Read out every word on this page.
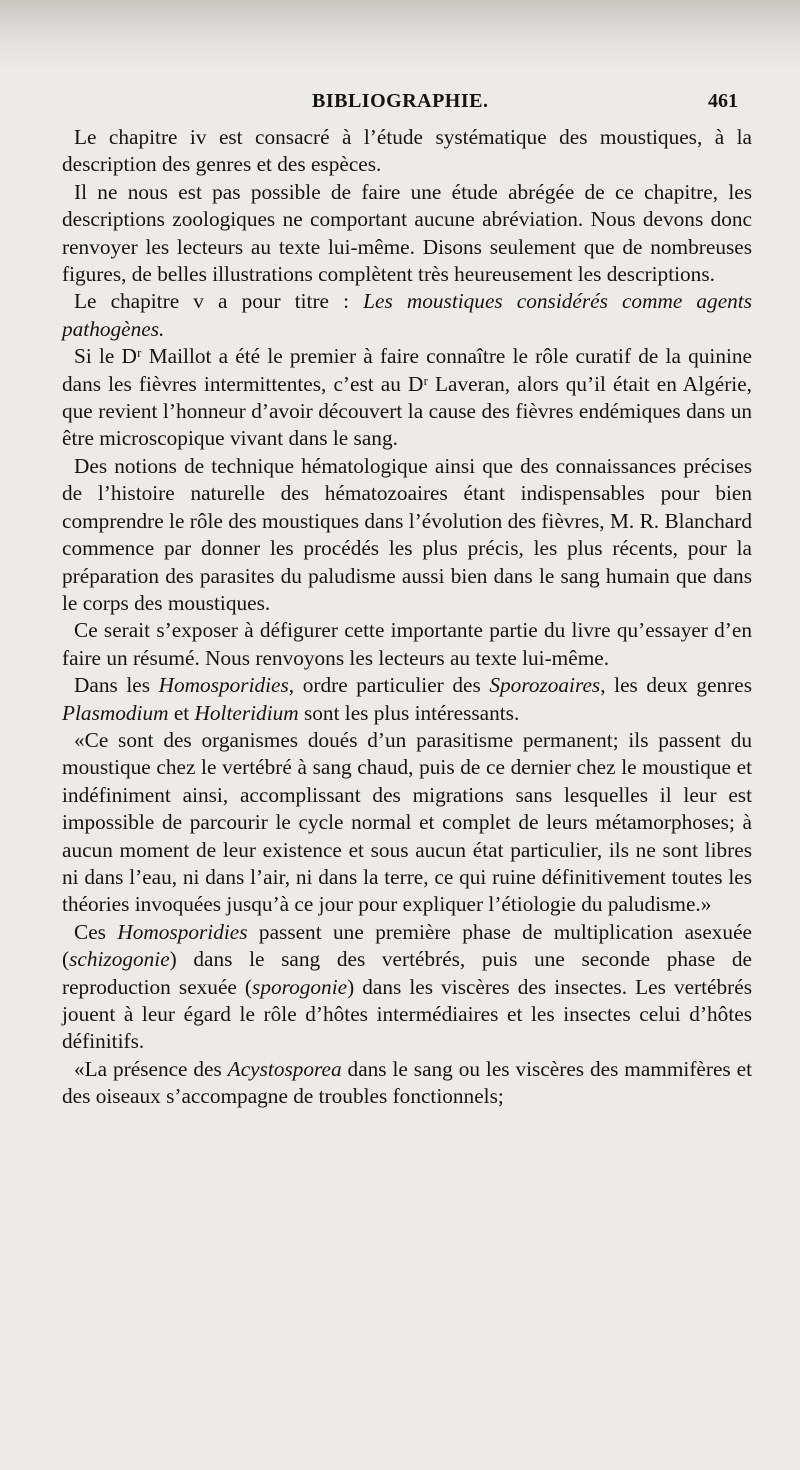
BIBLIOGRAPHIE.	461

Le chapitre iv est consacré à l’étude systématique des moustiques, à la description des genres et des espèces.

Il ne nous est pas possible de faire une étude abrégée de ce chapitre, les descriptions zoologiques ne comportant aucune abréviation. Nous devons donc renvoyer les lecteurs au texte lui-même. Disons seulement que de nombreuses figures, de belles illustrations complètent très heureusement les descriptions.

Le chapitre v a pour titre : Les moustiques considérés comme agents pathogènes.

Si le Dʳ Maillot a été le premier à faire connaître le rôle curatif de la quinine dans les fièvres intermittentes, c’est au Dʳ Laveran, alors qu’il était en Algérie, que revient l’honneur d’avoir découvert la cause des fièvres endémiques dans un être microscopique vivant dans le sang.

Des notions de technique hématologique ainsi que des connaissances précises de l’histoire naturelle des hématozoaires étant indispensables pour bien comprendre le rôle des moustiques dans l’évolution des fièvres, M. R. Blanchard commence par donner les procédés les plus précis, les plus récents, pour la préparation des parasites du paludisme aussi bien dans le sang humain que dans le corps des moustiques.

Ce serait s’exposer à défigurer cette importante partie du livre qu’essayer d’en faire un résumé. Nous renvoyons les lecteurs au texte lui-même.

Dans les Homosporidies, ordre particulier des Sporozoaires, les deux genres Plasmodium et Holteridium sont les plus intéressants.

«Ce sont des organismes doués d’un parasitisme permanent; ils passent du moustique chez le vertébré à sang chaud, puis de ce dernier chez le moustique et indéfiniment ainsi, accomplissant des migrations sans lesquelles il leur est impossible de parcourir le cycle normal et complet de leurs métamorphoses; à aucun moment de leur existence et sous aucun état particulier, ils ne sont libres ni dans l’eau, ni dans l’air, ni dans la terre, ce qui ruine définitivement toutes les théories invoquées jusqu’à ce jour pour expliquer l’étiologie du paludisme.»

Ces Homosporidies passent une première phase de multiplication asexuée (schizogonie) dans le sang des vertébrés, puis une seconde phase de reproduction sexuée (sporogonie) dans les viscères des insectes. Les vertébrés jouent à leur égard le rôle d’hôtes intermédiaires et les insectes celui d’hôtes définitifs.

«La présence des Acystosporea dans le sang ou les viscères des mammifères et des oiseaux s’accompagne de troubles fonctionnels;
